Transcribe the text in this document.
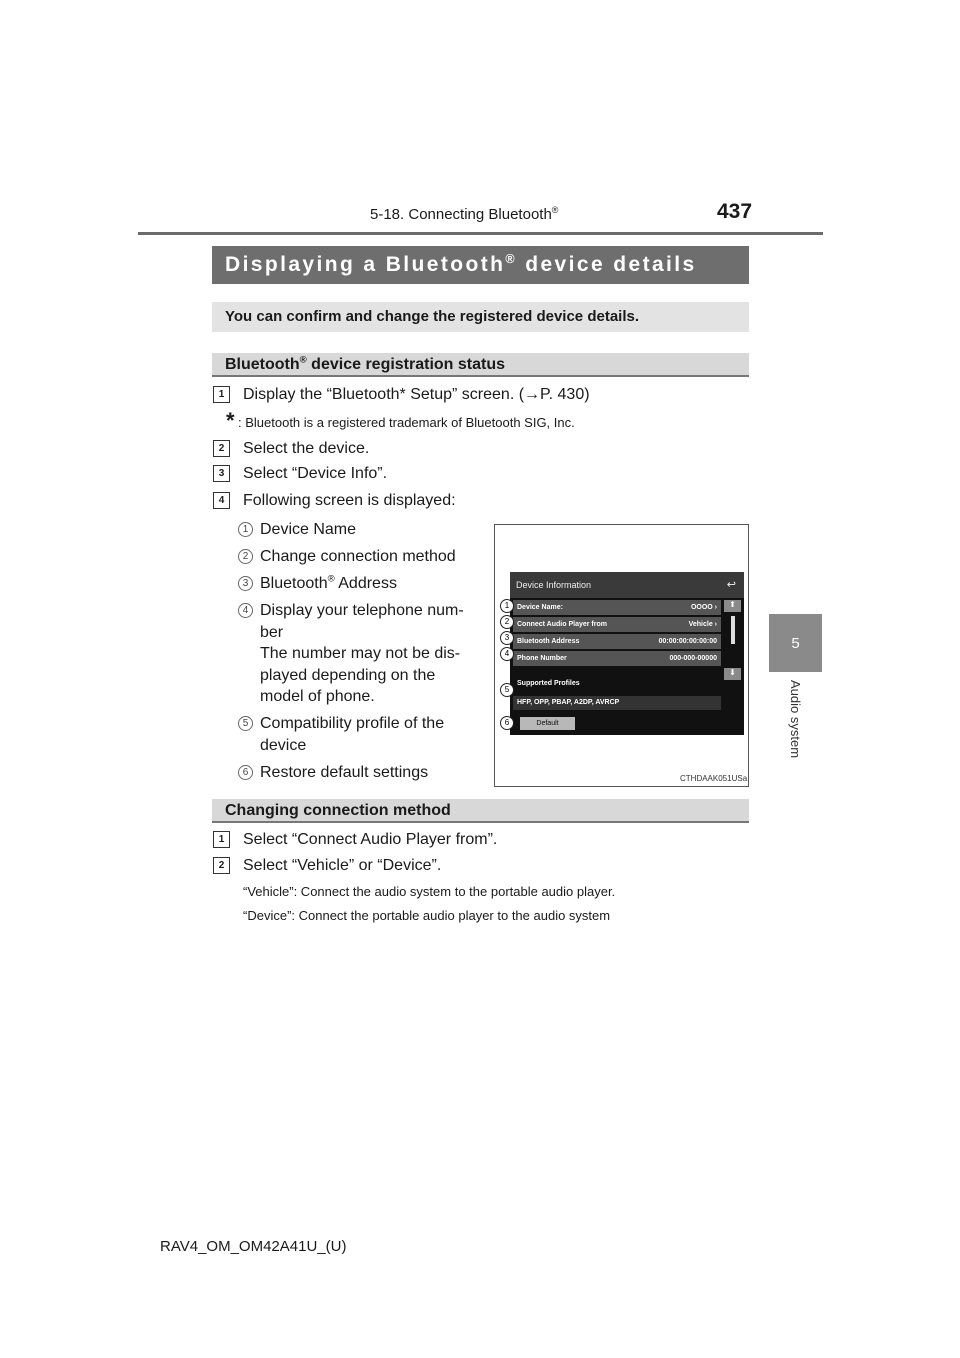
5-18. Connecting Bluetooth®	437
5
Audio system
Displaying a Bluetooth® device details
You can confirm and change the registered device details.
Bluetooth® device registration status
1	Display the “Bluetooth* Setup” screen. (→P. 430)
* : Bluetooth is a registered trademark of Bluetooth SIG, Inc.
2	Select the device.
3	Select “Device Info”.
4	Following screen is displayed:
1 Device Name
2 Change connection method
3 Bluetooth® Address
4 Display your telephone num-
ber
The number may not be dis-
played depending on the
model of phone.
5 Compatibility profile of the
device
6 Restore default settings
Device Information	↩
Device Name:	OOOO ›
Connect Audio Player from	Vehicle ›
Bluetooth Address	00:00:00:00:00:00
Phone Number	000-000-00000
⬆
⬇
Supported Profiles
HFP, OPP, PBAP, A2DP, AVRCP
Default
1
2
3
4
5
6
CTHDAAK051USa
Changing connection method
1	Select “Connect Audio Player from”.
2	Select “Vehicle” or “Device”.
“Vehicle”: Connect the audio system to the portable audio player.
“Device”: Connect the portable audio player to the audio system
RAV4_OM_OM42A41U_(U)
